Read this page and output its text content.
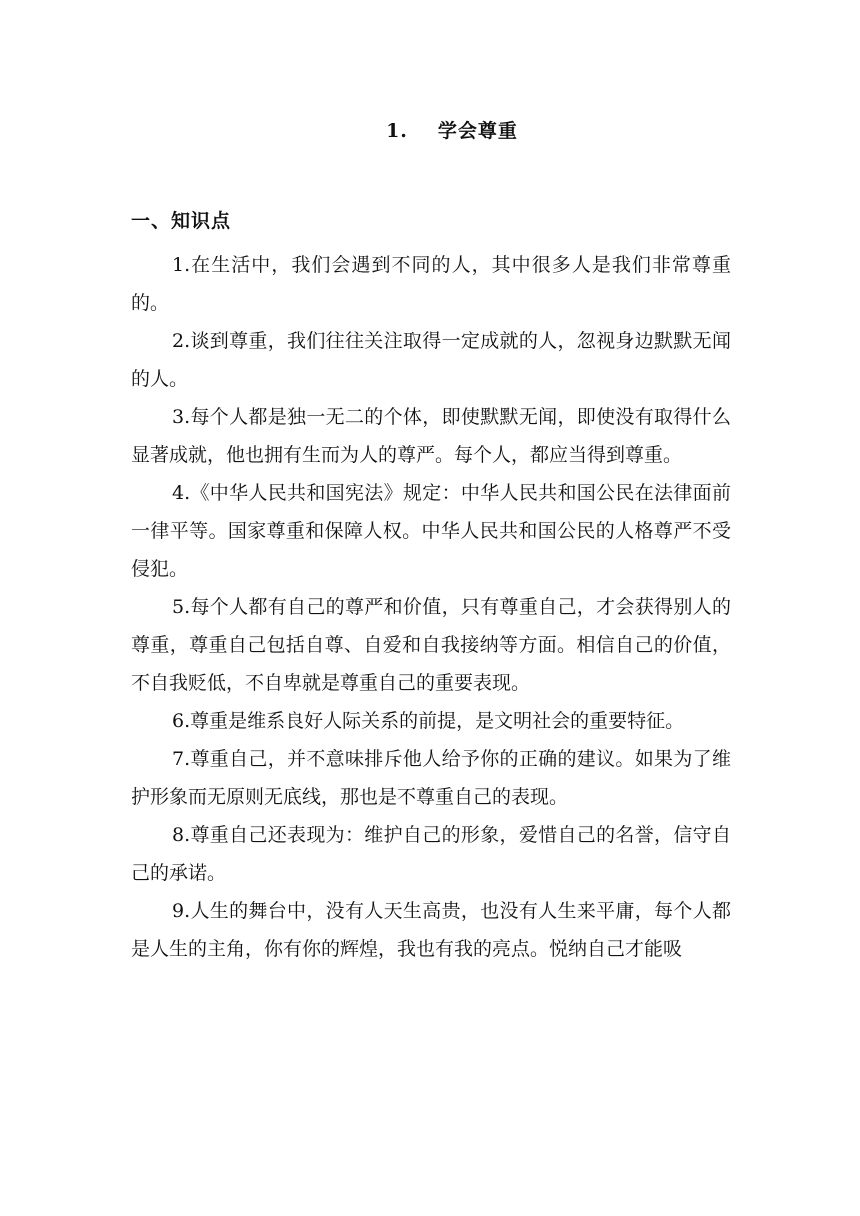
1. 学会尊重
一、知识点

1.在生活中，我们会遇到不同的人，其中很多人是我们非常尊重的。

2.谈到尊重，我们往往关注取得一定成就的人，忽视身边默默无闻的人。

3.每个人都是独一无二的个体，即使默默无闻，即使没有取得什么显著成就，他也拥有生而为人的尊严。每个人，都应当得到尊重。

4.《中华人民共和国宪法》规定：中华人民共和国公民在法律面前一律平等。国家尊重和保障人权。中华人民共和国公民的人格尊严不受侵犯。

5.每个人都有自己的尊严和价值，只有尊重自己，才会获得别人的尊重，尊重自己包括自尊、自爱和自我接纳等方面。相信自己的价值，不自我贬低，不自卑就是尊重自己的重要表现。

6.尊重是维系良好人际关系的前提，是文明社会的重要特征。

7.尊重自己，并不意味排斥他人给予你的正确的建议。如果为了维护形象而无原则无底线，那也是不尊重自己的表现。

8.尊重自己还表现为：维护自己的形象，爱惜自己的名誉，信守自己的承诺。

9.人生的舞台中，没有人天生高贵，也没有人生来平庸，每个人都是人生的主角，你有你的辉煌，我也有我的亮点。悦纳自己才能吸
